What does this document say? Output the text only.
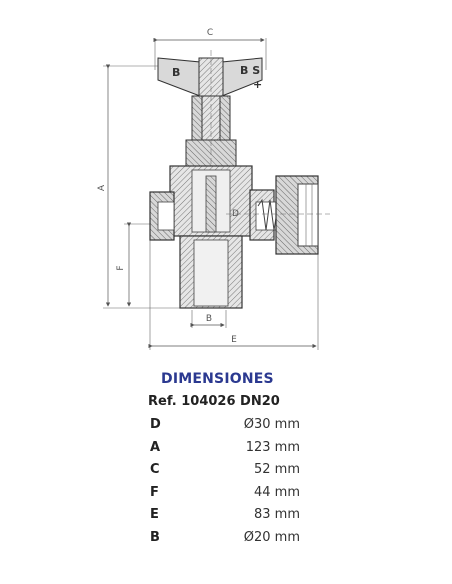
C
A
F
B
E
B	B S
+
D
DIMENSIONES
Ref. 104026 DN20
D	Ø30 mm
A	123 mm
C	52 mm
F	44 mm
E	83 mm
B	Ø20 mm
